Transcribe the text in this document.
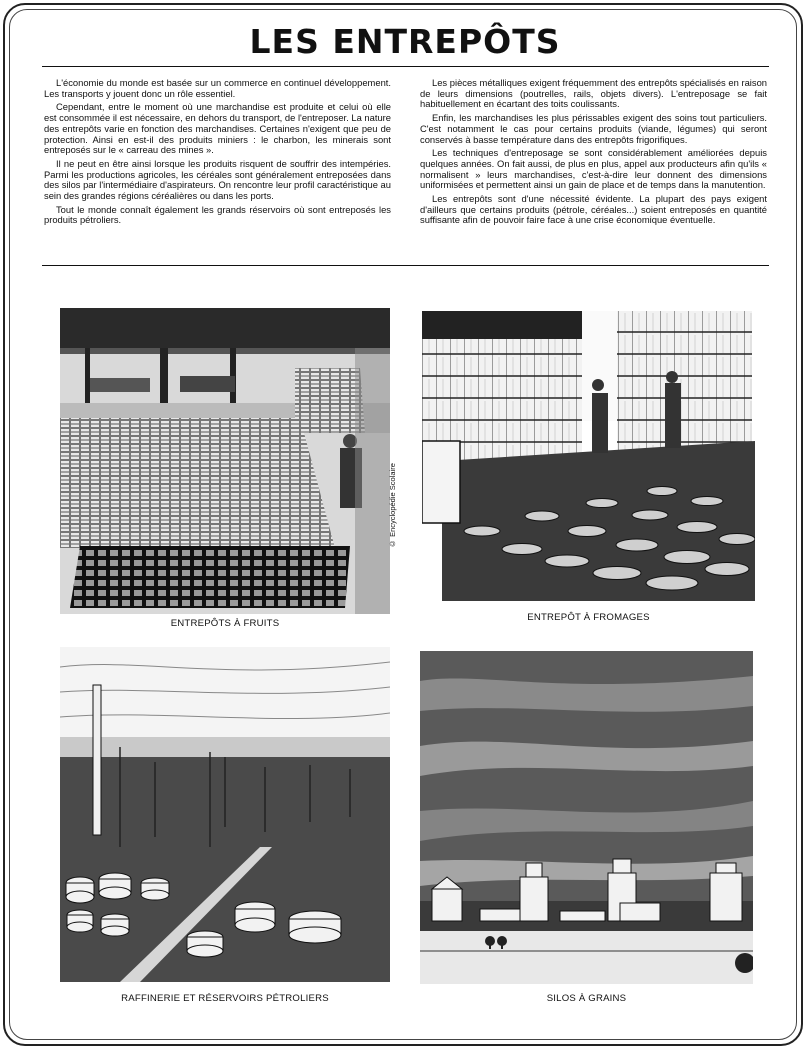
LES ENTREPÔTS

L'économie du monde est basée sur un commerce en continuel développement. Les transports y jouent donc un rôle essentiel.

Cependant, entre le moment où une marchandise est produite et celui où elle est consommée il est nécessaire, en dehors du transport, de l'entreposer. La nature des entrepôts varie en fonction des marchandises. Certaines n'exigent que peu de protection. Ainsi en est-il des produits miniers : le charbon, les minerais sont entreposés sur le « carreau des mines ».

Il ne peut en être ainsi lorsque les produits risquent de souffrir des intempéries. Parmi les productions agricoles, les céréales sont généralement entreposées dans des silos par l'intermédiaire d'aspirateurs. On rencontre leur profil caractéristique au sein des grandes régions céréalières ou dans les ports.

Tout le monde connaît également les grands réservoirs où sont entreposés les produits pétroliers.

Les pièces métalliques exigent fréquemment des entrepôts spécialisés en raison de leurs dimensions (poutrelles, rails, objets divers). L'entreposage se fait habituellement en écartant des toits coulissants.

Enfin, les marchandises les plus périssables exigent des soins tout particuliers. C'est notamment le cas pour certains produits (viande, légumes) qui seront conservés à basse température dans des entrepôts frigorifiques.

Les techniques d'entreposage se sont considérablement améliorées depuis quelques années. On fait aussi, de plus en plus, appel aux producteurs afin qu'ils « normalisent » leurs marchandises, c'est-à-dire leur donnent des dimensions uniformisées et permettent ainsi un gain de place et de temps dans la manutention.

Les entrepôts sont d'une nécessité évidente. La plupart des pays exigent d'ailleurs que certains produits (pétrole, céréales...) soient entreposés en quantité suffisante afin de pouvoir faire face à une crise économique éventuelle.

© Encyclopédie Scolaire
ENTREPÔTS À FRUITS
ENTREPÔT À FROMAGES
RAFFINERIE ET RÉSERVOIRS PÉTROLIERS	SILOS À GRAINS
